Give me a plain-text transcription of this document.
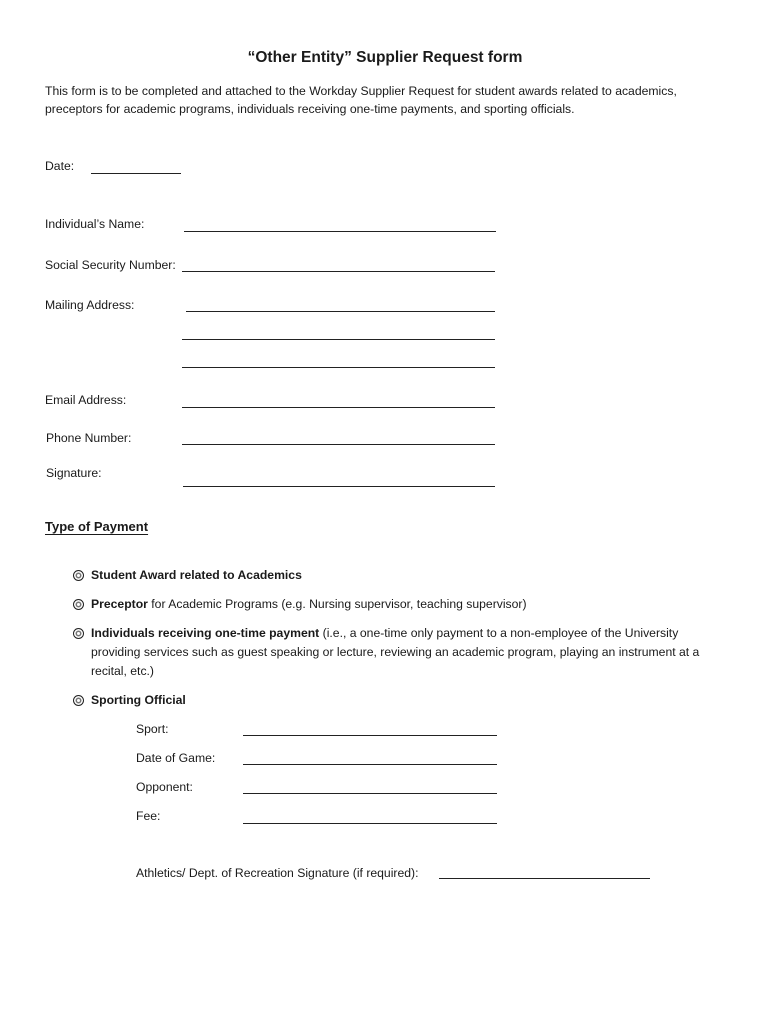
“Other Entity” Supplier Request form
This form is to be completed and attached to the Workday Supplier Request for student awards related to academics, preceptors for academic programs, individuals receiving one-time payments, and sporting officials.
Date:
Individual’s Name:
Social Security Number:
Mailing Address:
Email Address:
Phone Number:
Signature:
Type of Payment
Student Award related to Academics
Preceptor for Academic Programs (e.g. Nursing supervisor, teaching supervisor)
Individuals receiving one-time payment (i.e., a one-time only payment to a non-employee of the University providing services such as guest speaking or lecture, reviewing an academic program, playing an instrument at a recital, etc.)
Sporting Official
Sport:
Date of Game:
Opponent:
Fee:
Athletics/ Dept. of Recreation Signature (if required):
